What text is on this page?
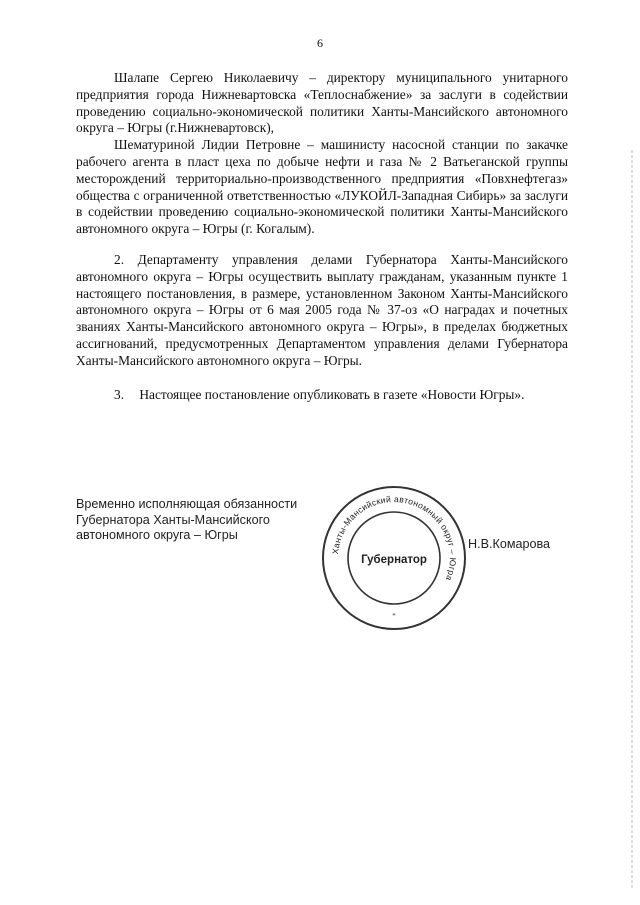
6

Шалапе Сергею Николаевичу – директору муниципального унитарного предприятия города Нижневартовска «Теплоснабжение» за заслуги в содействии проведению социально-экономической политики Ханты-Мансийского автономного округа – Югры (г.Нижневартовск),

Шематуриной Лидии Петровне – машинисту насосной станции по закачке рабочего агента в пласт цеха по добыче нефти и газа № 2 Ватьеганской группы месторождений территориально-производственного предприятия «Повхнефтегаз» общества с ограниченной ответственностью «ЛУКОЙЛ-Западная Сибирь» за заслуги в содействии проведению социально-экономической политики Ханты-Мансийского автономного округа – Югры (г. Когалым).

2. Департаменту управления делами Губернатора Ханты-Мансийского автономного округа – Югры осуществить выплату гражданам, указанным пункте 1 настоящего постановления, в размере, установленном Законом Ханты-Мансийского автономного округа – Югры от 6 мая 2005 года № 37-оз «О наградах и почетных званиях Ханты-Мансийского автономного округа – Югры», в пределах бюджетных ассигнований, предусмотренных Департаментом управления делами Губернатора Ханты-Мансийского автономного округа – Югры.

3. Настоящее постановление опубликовать в газете «Новости Югры».

Временно исполняющая обязанности
Губернатора Ханты-Мансийского
автономного округа – Югры
Ханты-Мансийский автономный округ – Югра
Губернатор
*
Н.В.Комарова
